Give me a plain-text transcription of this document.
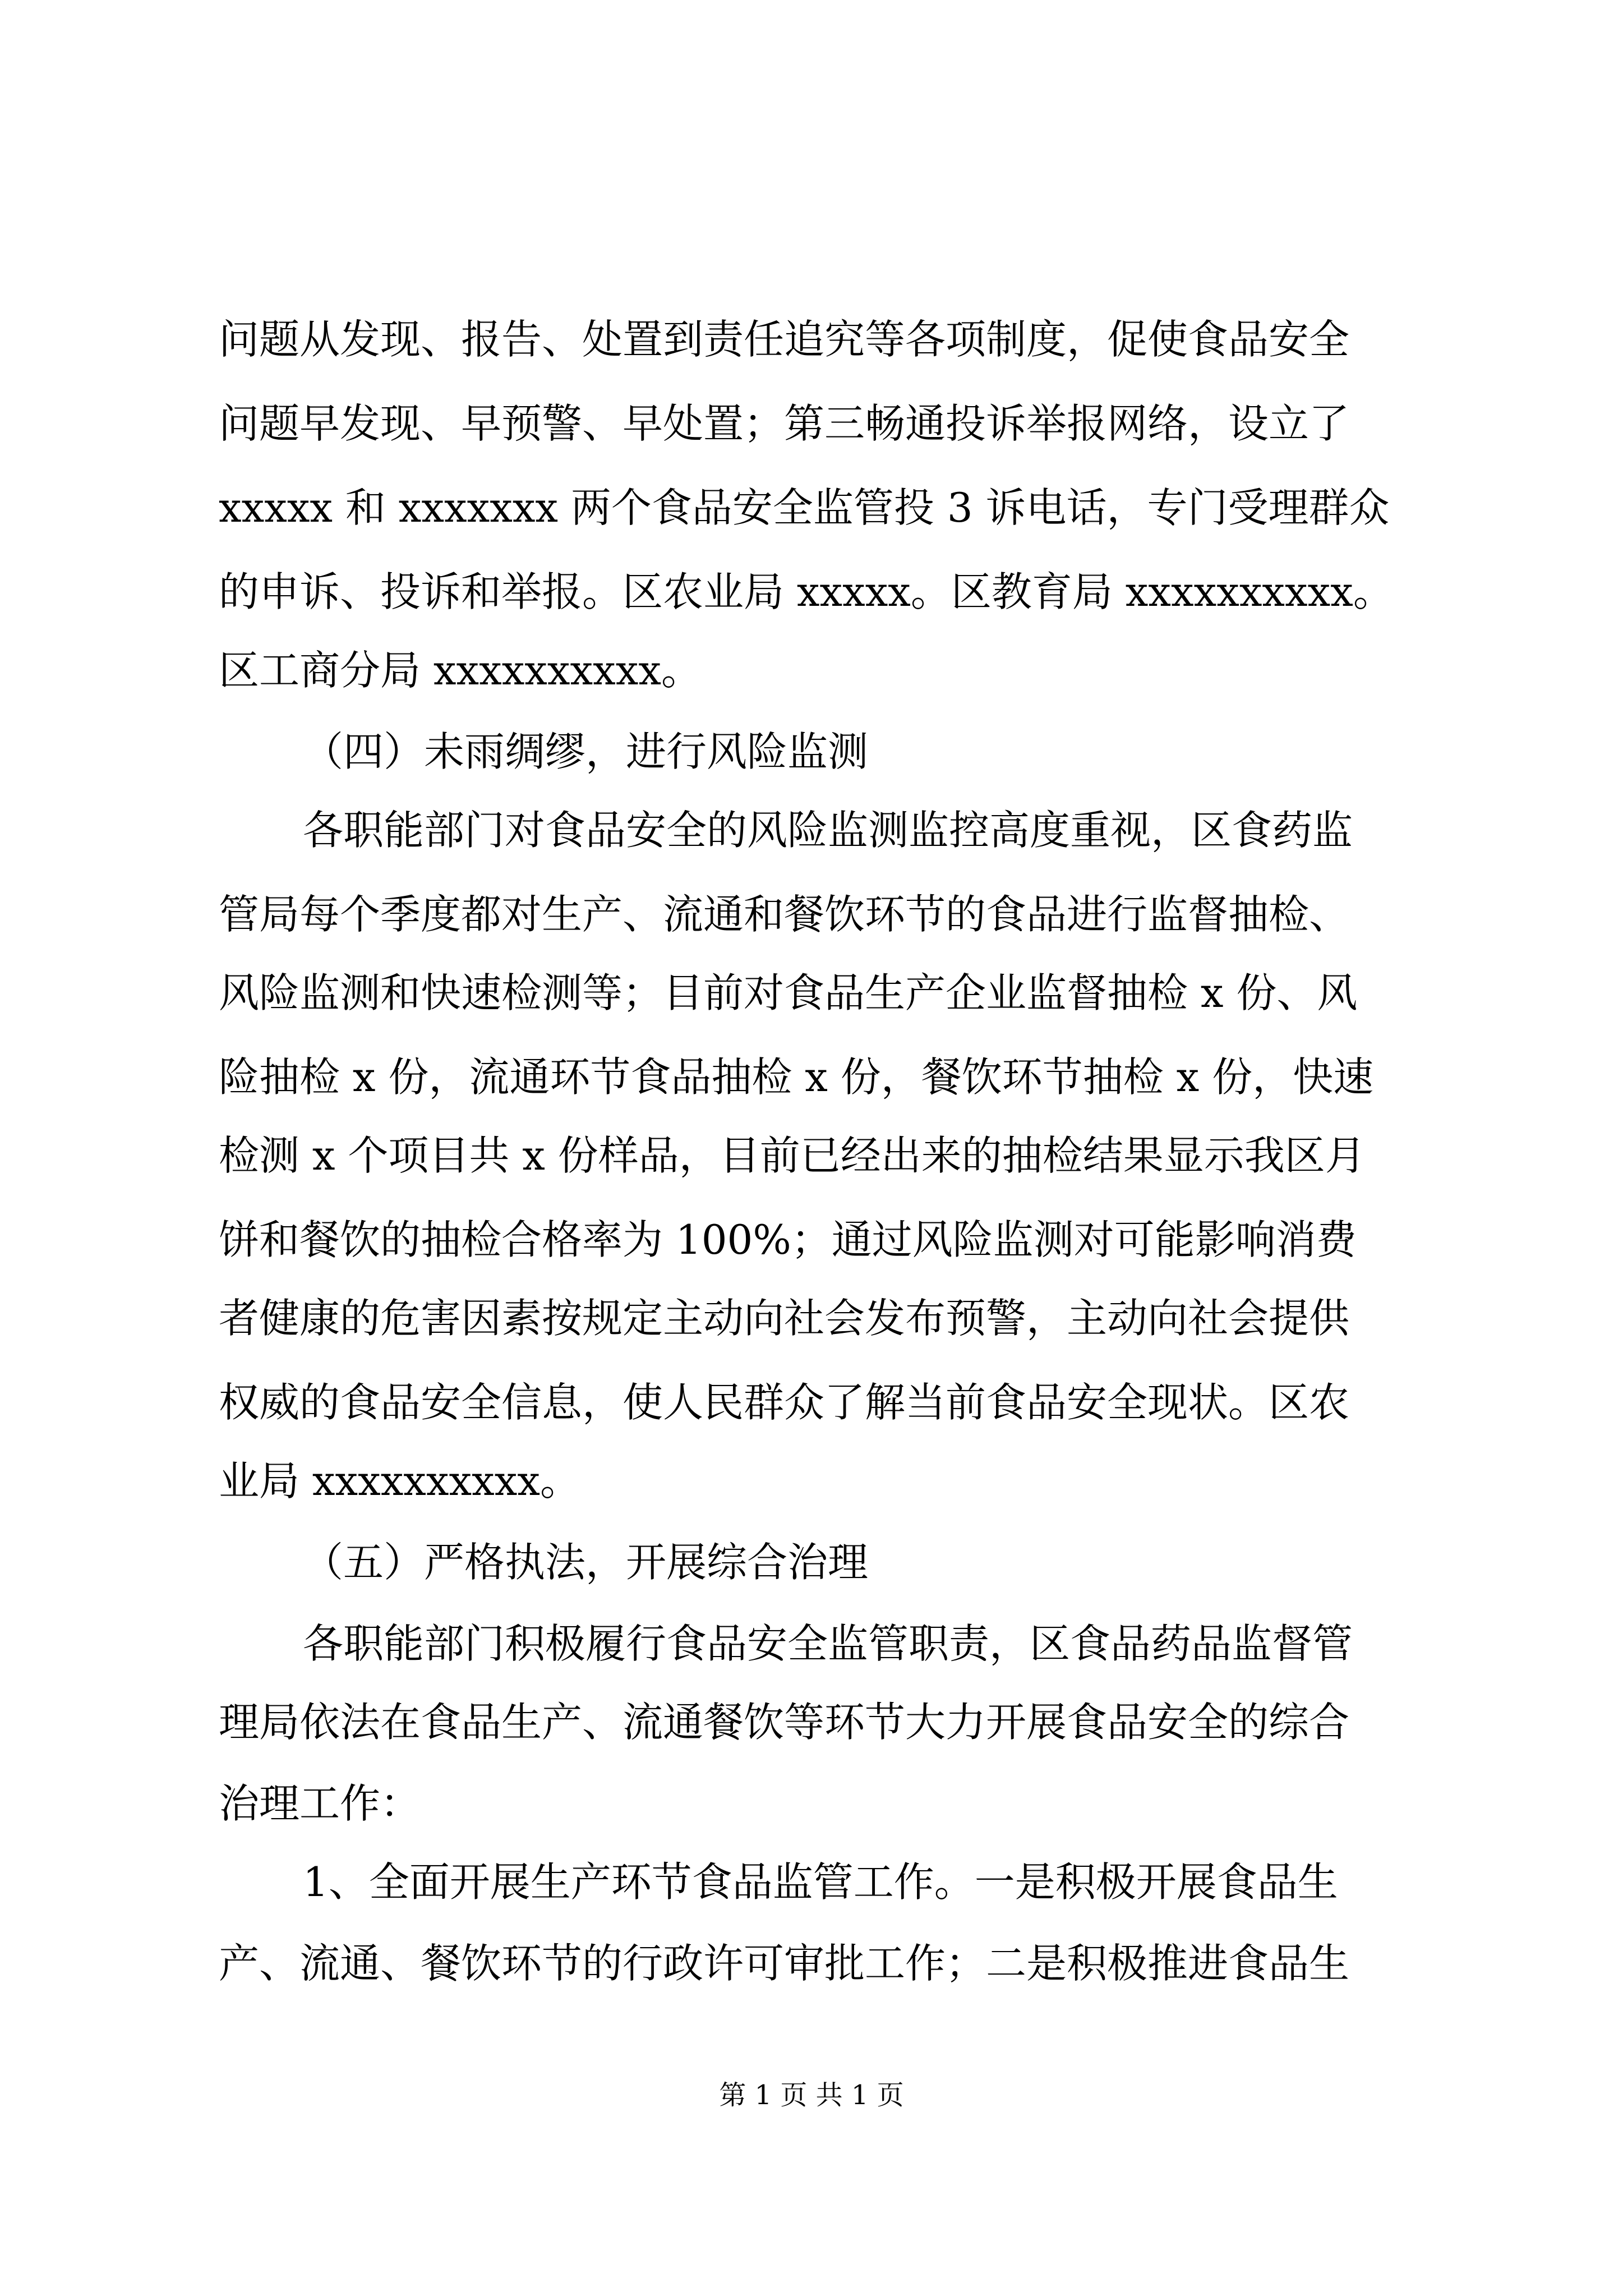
问题从发现、报告、处置到责任追究等各项制度，促使食品安全
问题早发现、早预警、早处置；第三畅通投诉举报网络，设立了
xxxxx 和 xxxxxxx 两个食品安全监管投 3 诉电话，专门受理群众
的申诉、投诉和举报。区农业局 xxxxx。区教育局 xxxxxxxxxx。
区工商分局 xxxxxxxxxx。
（四）未雨绸缪，进行风险监测
各职能部门对食品安全的风险监测监控高度重视，区食药监
管局每个季度都对生产、流通和餐饮环节的食品进行监督抽检、
风险监测和快速检测等；目前对食品生产企业监督抽检 x 份、风
险抽检 x 份，流通环节食品抽检 x 份，餐饮环节抽检 x 份，快速
检测 x 个项目共 x 份样品，目前已经出来的抽检结果显示我区月
饼和餐饮的抽检合格率为 100%；通过风险监测对可能影响消费
者健康的危害因素按规定主动向社会发布预警，主动向社会提供
权威的食品安全信息，使人民群众了解当前食品安全现状。区农
业局 xxxxxxxxxx。
（五）严格执法，开展综合治理
各职能部门积极履行食品安全监管职责，区食品药品监督管
理局依法在食品生产、流通餐饮等环节大力开展食品安全的综合
治理工作：
1、全面开展生产环节食品监管工作。一是积极开展食品生
产、流通、餐饮环节的行政许可审批工作；二是积极推进食品生
第 1 页 共 1 页
